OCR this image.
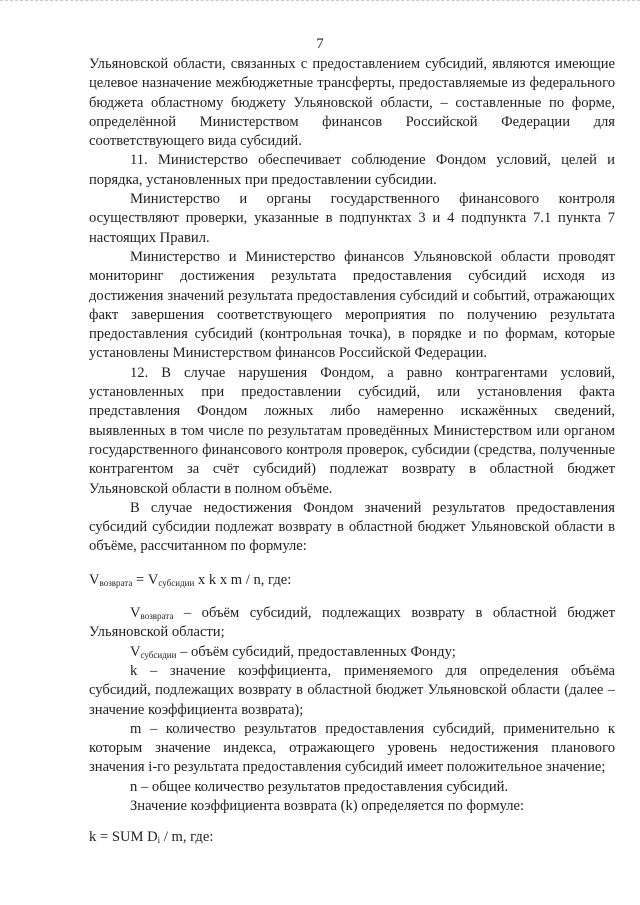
7

Ульяновской области, связанных с предоставлением субсидий, являются имеющие целевое назначение межбюджетные трансферты, предоставляемые из федерального бюджета областному бюджету Ульяновской области, – составленные по форме, определённой Министерством финансов Российской Федерации для соответствующего вида субсидий.

11. Министерство обеспечивает соблюдение Фондом условий, целей и порядка, установленных при предоставлении субсидии.

Министерство и органы государственного финансового контроля осуществляют проверки, указанные в подпунктах 3 и 4 подпункта 7.1 пункта 7 настоящих Правил.

Министерство и Министерство финансов Ульяновской области проводят мониторинг достижения результата предоставления субсидий исходя из достижения значений результата предоставления субсидий и событий, отражающих факт завершения соответствующего мероприятия по получению результата предоставления субсидий (контрольная точка), в порядке и по формам, которые установлены Министерством финансов Российской Федерации.

12. В случае нарушения Фондом, а равно контрагентами условий, установленных при предоставлении субсидий, или установления факта представления Фондом ложных либо намеренно искажённых сведений, выявленных в том числе по результатам проведённых Министерством или органом государственного финансового контроля проверок, субсидии (средства, полученные контрагентом за счёт субсидий) подлежат возврату в областной бюджет Ульяновской области в полном объёме.

В случае недостижения Фондом значений результатов предоставления субсидий субсидии подлежат возврату в областной бюджет Ульяновской области в объёме, рассчитанном по формуле:

$V_{возврата} = V_{субсидии}$ x k x m / n, где:

$V_{возврата}$ – объём субсидий, подлежащих возврату в областной бюджет Ульяновской области;

$V_{субсидии}$ – объём субсидий, предоставленных Фонду;

k – значение коэффициента, применяемого для определения объёма субсидий, подлежащих возврату в областной бюджет Ульяновской области (далее – значение коэффициента возврата);

m – количество результатов предоставления субсидий, применительно к которым значение индекса, отражающего уровень недостижения планового значения i-го результата предоставления субсидий имеет положительное значение;

n – общее количество результатов предоставления субсидий.

Значение коэффициента возврата (k) определяется по формуле:

k = SUM $D_i$ / m, где:
